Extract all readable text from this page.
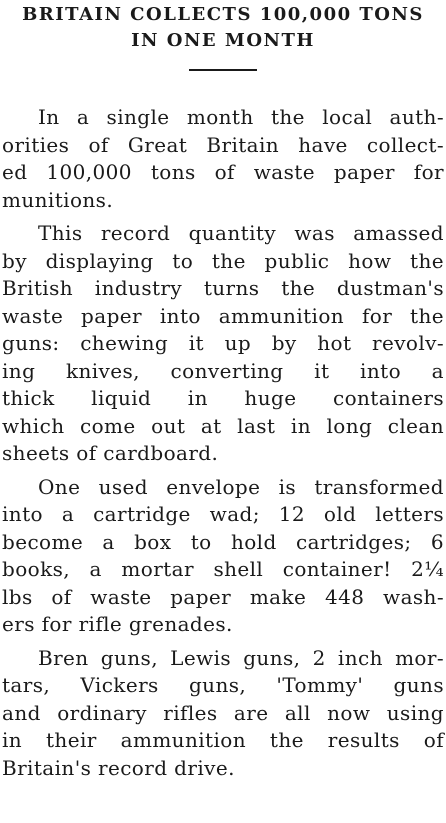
BRITAIN COLLECTS 100,000 TONS
IN ONE MONTH

In a single month the local auth-
orities of Great Britain have collect-
ed 100,000 tons of waste paper for
munitions.

This record quantity was amassed
by displaying to the public how the
British industry turns the dustman's
waste paper into ammunition for the
guns: chewing it up by hot revolv-
ing knives, converting it into a
thick liquid in huge containers
which come out at last in long clean
sheets of cardboard.

One used envelope is transformed
into a cartridge wad; 12 old letters
become a box to hold cartridges; 6
books, a mortar shell container! 2¼
lbs of waste paper make 448 wash-
ers for rifle grenades.

Bren guns, Lewis guns, 2 inch mor-
tars, Vickers guns, 'Tommy' guns
and ordinary rifles are all now using
in their ammunition the results of
Britain's record drive.
